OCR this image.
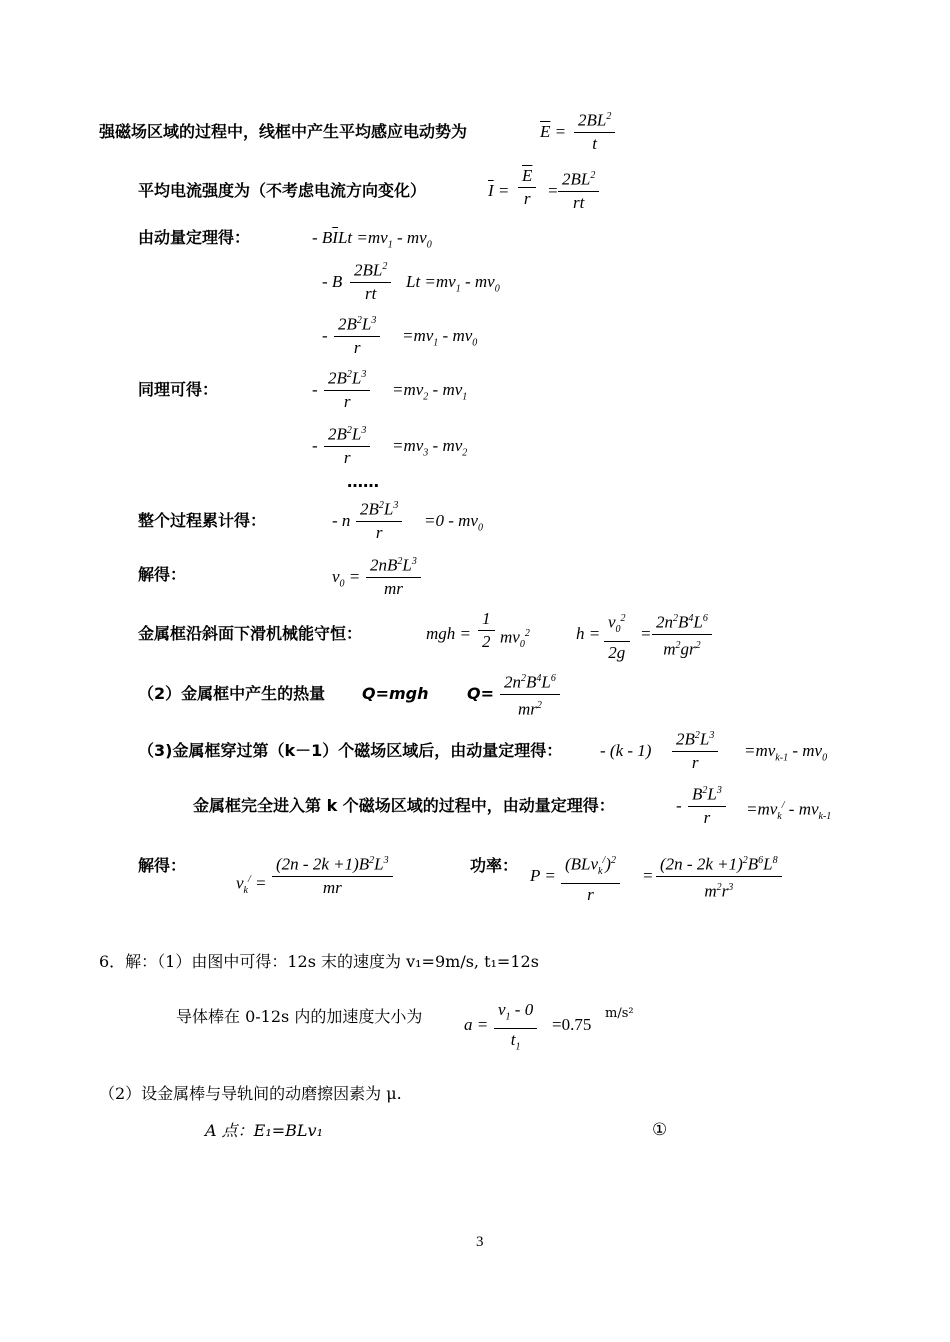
强磁场区域的过程中，线框中产生平均感应电动势为	$\overline{E} = \frac{2BL^2}{t}$
平均电流强度为（不考虑电流方向变化）	$\overline{I} = \frac{\overline{E}}{r} = \frac{2BL^2}{rt}$
由动量定理得：	- $B\overline{I}Lt =mv_1 - mv_0$
- B $\frac{2BL^2}{rt}$ $Lt =mv_1 - mv_0$
- $\frac{2B^2L^3}{r} =mv_1 - mv_0$
同理可得：	- $\frac{2B^2L^3}{r} =mv_2 - mv_1$
- $\frac{2B^2L^3}{r} =mv_3 - mv_2$
……
整个过程累计得：	- n $\frac{2B^2L^3}{r} =0 - mv_0$
解得：	$v_0 = \frac{2nB^2L^3}{mr}$
金属框沿斜面下滑机械能守恒：	mgh = $\frac{1}{2} mv_0^2$	$h = \frac{v_0^2}{2g} = \frac{2n^2B^4L^6}{m^2gr^2}$
（2）金属框中产生的热量 Q=mgh $Q= \frac{2n^2B^4L^6}{mr^2}$
（3)金属框穿过第（k－1）个磁场区域后，由动量定理得： - $(k - 1) \frac{2B^2L^3}{r} =mv_{k-1} - mv_0$
金属框完全进入第 k 个磁场区域的过程中，由动量定理得：	- $\frac{B^2L^3}{r} =mv_k^/ - mv_{k-1}$
解得：
$v_k^/ = \frac{(2n - 2k +1)B^2L^3}{mr}$	功率：
P =
$(BLv_k^/)^2$
r
= $\frac{(2n - 2k +1)^2B^6L^8}{m^2r^3}$
6．解：（1）由图中可得：12s 末的速度为 v₁=9m/s, t₁=12s
导体棒在 0-12s 内的加速度大小为 $a = \frac{v_1 - 0}{t_1} =0.75$
m/s²
（2）设金属棒与导轨间的动磨擦因素为 μ.
A 点：E₁=BLv₁	①
3
